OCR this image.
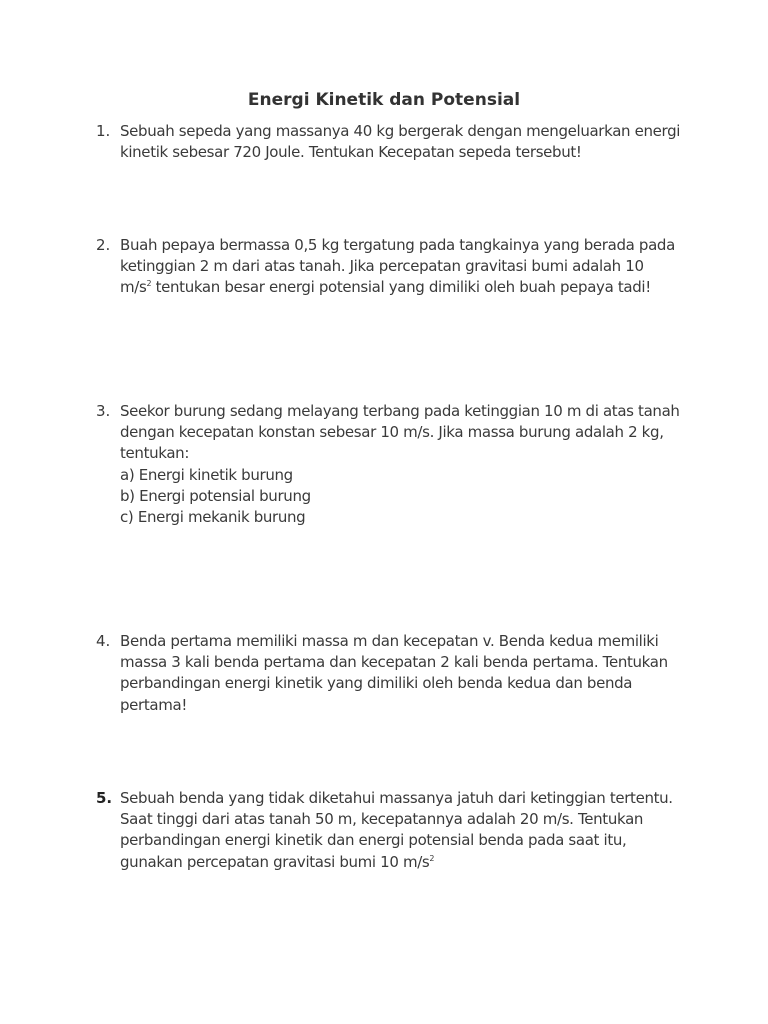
Energi Kinetik dan Potensial
1. Sebuah sepeda yang massanya 40 kg bergerak dengan mengeluarkan energi
kinetik sebesar 720 Joule. Tentukan Kecepatan sepeda tersebut!
2. Buah pepaya bermassa 0,5 kg tergatung pada tangkainya yang berada pada
ketinggian 2 m dari atas tanah. Jika percepatan gravitasi bumi adalah 10
$m/s^2$ tentukan besar energi potensial yang dimiliki oleh buah pepaya tadi!
3. Seekor burung sedang melayang terbang pada ketinggian 10 m di atas tanah
dengan kecepatan konstan sebesar 10 m/s. Jika massa burung adalah 2 kg,
tentukan:
a) Energi kinetik burung
b) Energi potensial burung
c) Energi mekanik burung
4. Benda pertama memiliki massa m dan kecepatan v. Benda kedua memiliki
massa 3 kali benda pertama dan kecepatan 2 kali benda pertama. Tentukan
perbandingan energi kinetik yang dimiliki oleh benda kedua dan benda
pertama!
5. Sebuah benda yang tidak diketahui massanya jatuh dari ketinggian tertentu.
Saat tinggi dari atas tanah 50 m, kecepatannya adalah 20 m/s. Tentukan
perbandingan energi kinetik dan energi potensial benda pada saat itu,
gunakan percepatan gravitasi bumi 10 $m/s^2$
